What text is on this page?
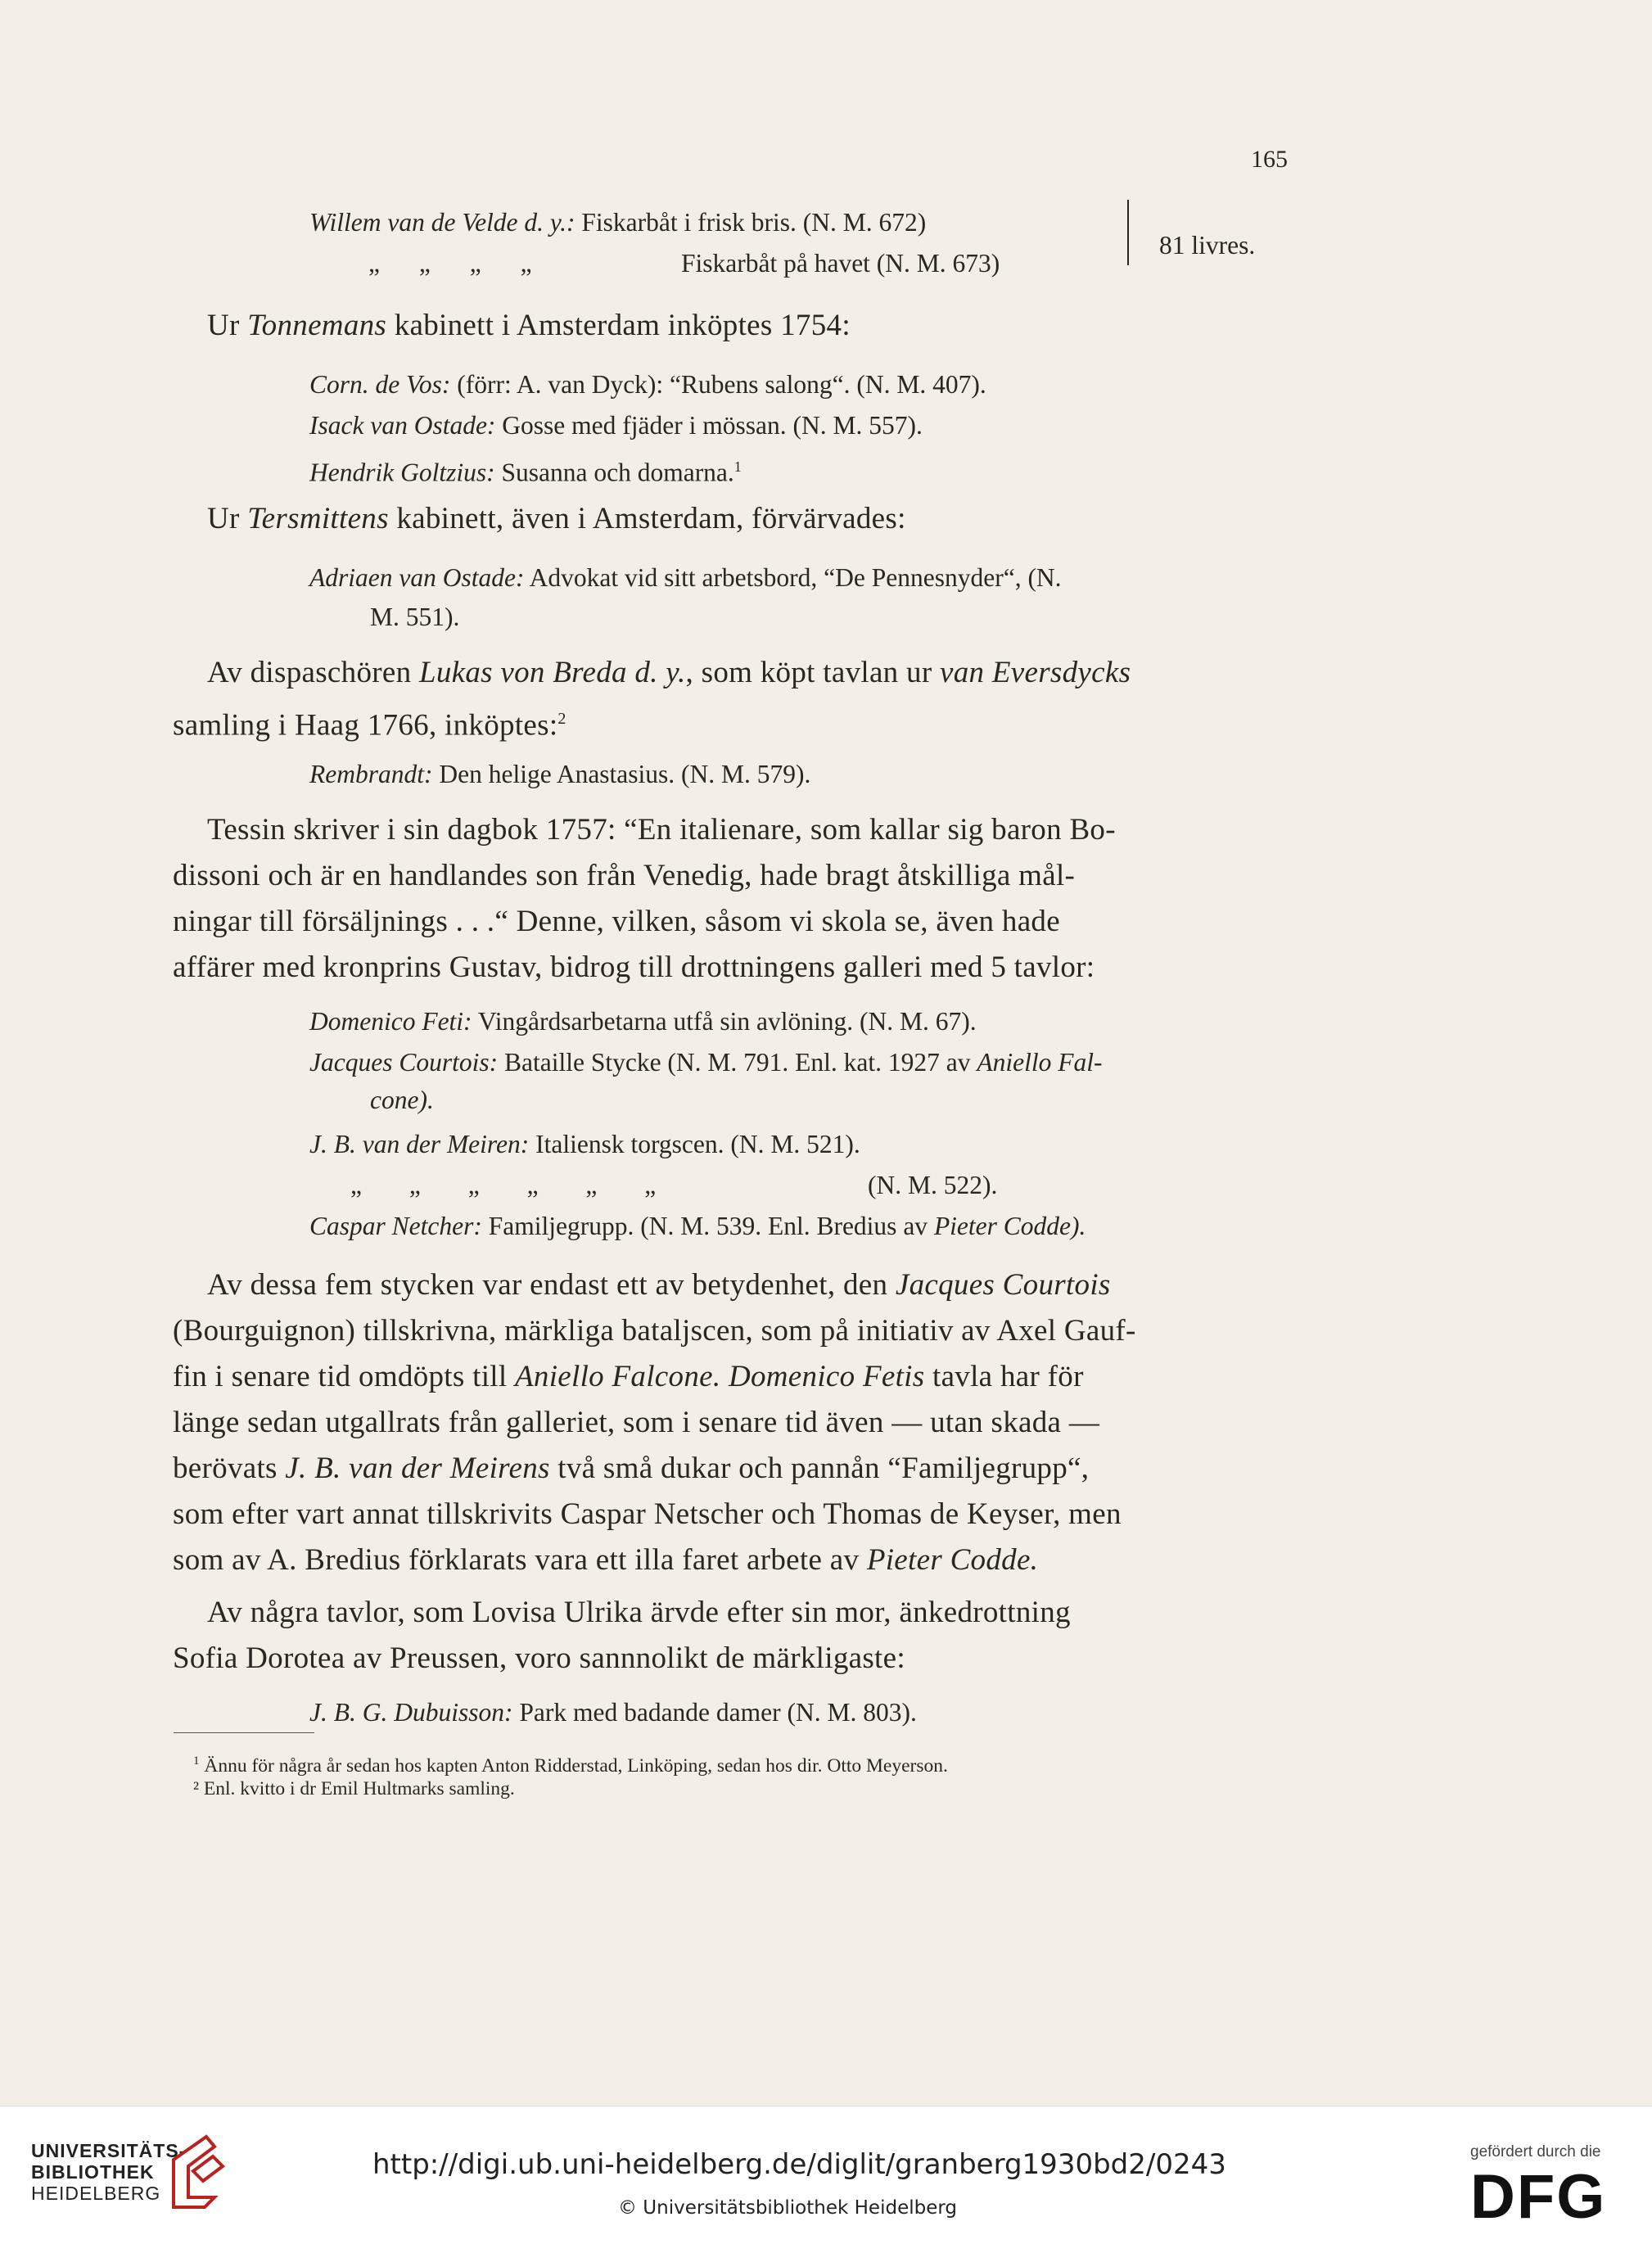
165
Willem van de Velde d. y.: Fiskarbåt i frisk bris. (N. M. 672)
„ „ „ „	Fiskarbåt på havet (N. M. 673)
81 livres.
Ur Tonnemans kabinett i Amsterdam inköptes 1754:
Corn. de Vos: (förr: A. van Dyck): “Rubens salong“. (N. M. 407).
Isack van Ostade: Gosse med fjäder i mössan. (N. M. 557).
Hendrik Goltzius: Susanna och domarna.$^1$
Ur Tersmittens kabinett, även i Amsterdam, förvärvades:
Adriaen van Ostade: Advokat vid sitt arbetsbord, “De Pennesnyder“, (N.
M. 551).
Av dispaschören Lukas von Breda d. y., som köpt tavlan ur van Eversdycks
samling i Haag 1766, inköptes:$^2$
Rembrandt: Den helige Anastasius. (N. M. 579).
Tessin skriver i sin dagbok 1757: “En italienare, som kallar sig baron Bo-
dissoni och är en handlandes son från Venedig, hade bragt åtskilliga mål-
ningar till försäljnings . . .“ Denne, vilken, såsom vi skola se, även hade
affärer med kronprins Gustav, bidrog till drottningens galleri med 5 tavlor:
Domenico Feti: Vingårdsarbetarna utfå sin avlöning. (N. M. 67).
Jacques Courtois: Bataille Stycke (N. M. 791. Enl. kat. 1927 av Aniello Fal-
cone).
J. B. van der Meiren: Italiensk torgscen. (N. M. 521).
„ „ „ „ „ „	(N. M. 522).
Caspar Netcher: Familjegrupp. (N. M. 539. Enl. Bredius av Pieter Codde).
Av dessa fem stycken var endast ett av betydenhet, den Jacques Courtois
(Bourguignon) tillskrivna, märkliga bataljscen, som på initiativ av Axel Gauf-
fin i senare tid omdöpts till Aniello Falcone. Domenico Fetis tavla har för
länge sedan utgallrats från galleriet, som i senare tid även — utan skada —
berövats J. B. van der Meirens två små dukar och pannån “Familjegrupp“,
som efter vart annat tillskrivits Caspar Netscher och Thomas de Keyser, men
som av A. Bredius förklarats vara ett illa faret arbete av Pieter Codde.
Av några tavlor, som Lovisa Ulrika ärvde efter sin mor, änkedrottning
Sofia Dorotea av Preussen, voro sannnolikt de märkligaste:
J. B. G. Dubuisson: Park med badande damer (N. M. 803).
$^1$ Ännu för några år sedan hos kapten Anton Ridderstad, Linköping, sedan hos dir. Otto Meyerson.
² Enl. kvitto i dr Emil Hultmarks samling.
UNIVERSITÄTS-
BIBLIOTHEK
HEIDELBERG
http://digi.ub.uni-heidelberg.de/diglit/granberg1930bd2/0243
© Universitätsbibliothek Heidelberg
gefördert durch die
DFG
